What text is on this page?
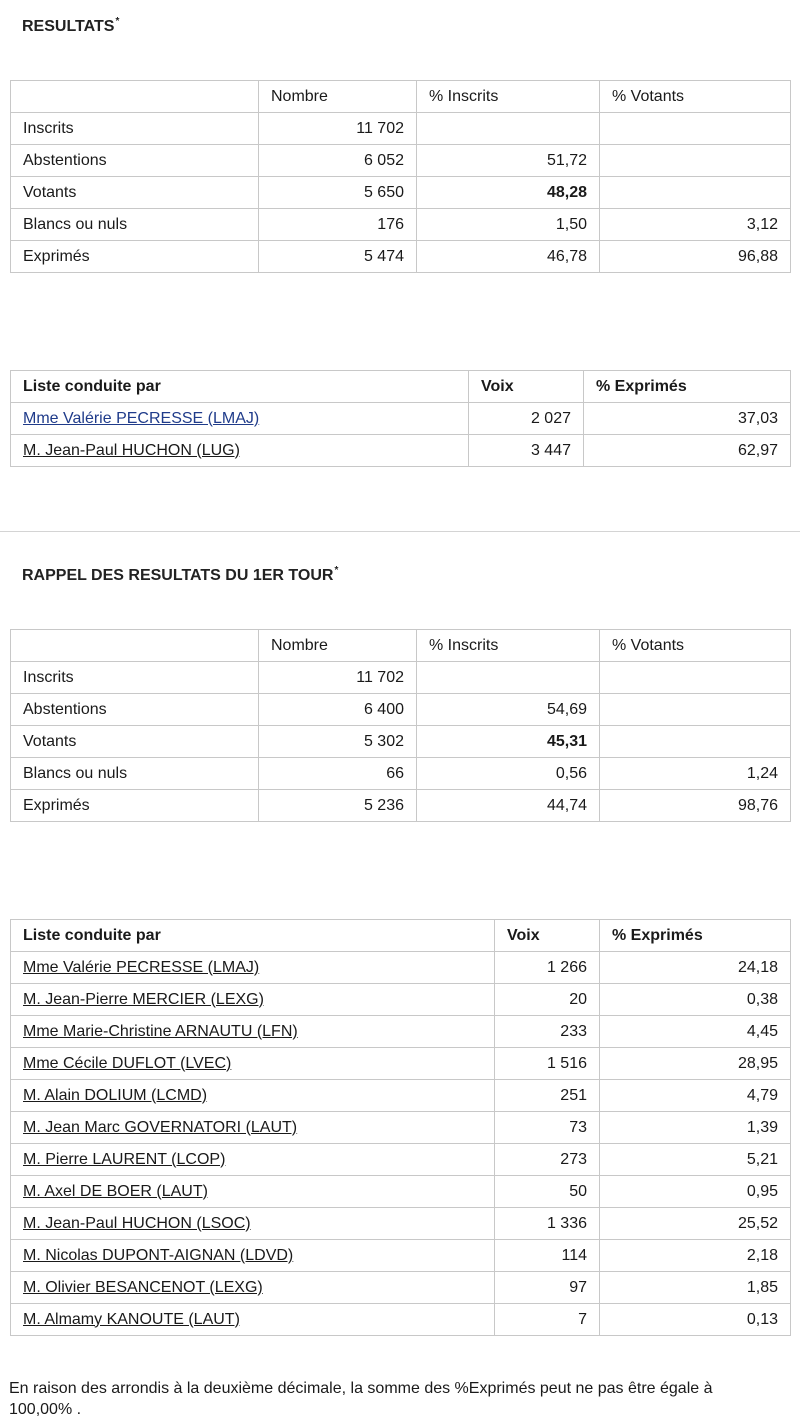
RESULTATS*
	Nombre	% Inscrits	% Votants
Inscrits	11 702		
Abstentions	6 052	51,72	
Votants	5 650	48,28	
Blancs ou nuls	176	1,50	3,12
Exprimés	5 474	46,78	96,88
Liste conduite par	Voix	% Exprimés
Mme Valérie PECRESSE (LMAJ)	2 027	37,03
M. Jean-Paul HUCHON (LUG)	3 447	62,97
RAPPEL DES RESULTATS DU 1ER TOUR*
	Nombre	% Inscrits	% Votants
Inscrits	11 702		
Abstentions	6 400	54,69	
Votants	5 302	45,31	
Blancs ou nuls	66	0,56	1,24
Exprimés	5 236	44,74	98,76
Liste conduite par	Voix	% Exprimés
Mme Valérie PECRESSE (LMAJ)	1 266	24,18
M. Jean-Pierre MERCIER (LEXG)	20	0,38
Mme Marie-Christine ARNAUTU (LFN)	233	4,45
Mme Cécile DUFLOT (LVEC)	1 516	28,95
M. Alain DOLIUM (LCMD)	251	4,79
M. Jean Marc GOVERNATORI (LAUT)	73	1,39
M. Pierre LAURENT (LCOP)	273	5,21
M. Axel DE BOER (LAUT)	50	0,95
M. Jean-Paul HUCHON (LSOC)	1 336	25,52
M. Nicolas DUPONT-AIGNAN (LDVD)	114	2,18
M. Olivier BESANCENOT (LEXG)	97	1,85
M. Almamy KANOUTE (LAUT)	7	0,13

En raison des arrondis à la deuxième décimale, la somme des %Exprimés peut ne pas être égale à 100,00% .
